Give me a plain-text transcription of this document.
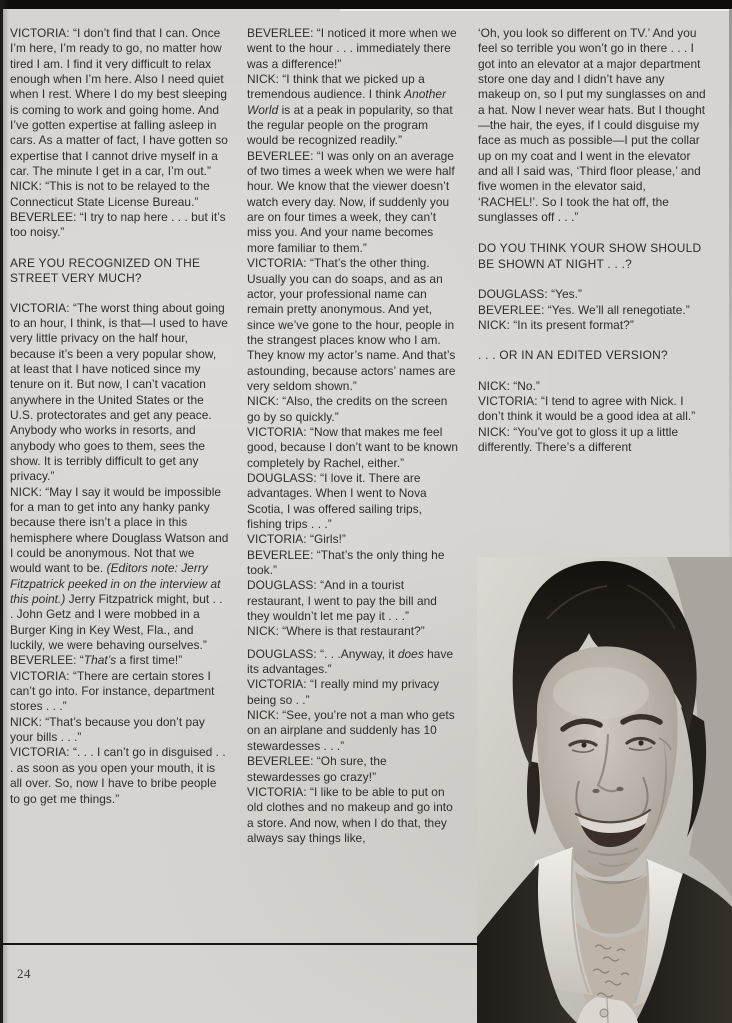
VICTORIA: “I don’t find that I can. Once I’m here, I’m ready to go, no matter how tired I am. I find it very difficult to relax enough when I’m here. Also I need quiet when I rest. Where I do my best sleeping is coming to work and going home. And I’ve gotten expertise at falling asleep in cars. As a matter of fact, I have gotten so expertise that I cannot drive myself in a car. The minute I get in a car, I’m out.”

NICK: “This is not to be relayed to the Connecticut State License Bureau.”

BEVERLEE: “I try to nap here . . . but it’s too noisy.”

ARE YOU RECOGNIZED ON THE STREET VERY MUCH?

VICTORIA: “The worst thing about going to an hour, I think, is that—I used to have very little privacy on the half hour, because it’s been a very popular show, at least that I have noticed since my tenure on it. But now, I can’t vacation anywhere in the United States or the U.S. protectorates and get any peace. Anybody who works in resorts, and anybody who goes to them, sees the show. It is terribly difficult to get any privacy.”

NICK: “May I say it would be impossible for a man to get into any hanky panky because there isn’t a place in this hemisphere where Douglass Watson and I could be anonymous. Not that we would want to be. (Editors note: Jerry Fitzpatrick peeked in on the interview at this point.) Jerry Fitzpatrick might, but . . . John Getz and I were mobbed in a Burger King in Key West, Fla., and luckily, we were behaving ourselves.”

BEVERLEE: “That’s a first time!”

VICTORIA: “There are certain stores I can’t go into. For instance, department stores . . .”

NICK: “That’s because you don’t pay your bills . . .”

VICTORIA: “. . . I can’t go in disguised . . . as soon as you open your mouth, it is all over. So, now I have to bribe people to go get me things.”

BEVERLEE: “I noticed it more when we went to the hour . . . immediately there was a difference!”

NICK: “I think that we picked up a tremendous audience. I think Another World is at a peak in popularity, so that the regular people on the program would be recognized readily.”

BEVERLEE: “I was only on an average of two times a week when we were half hour. We know that the viewer doesn’t watch every day. Now, if suddenly you are on four times a week, they can’t miss you. And your name becomes more familiar to them.”

VICTORIA: “That’s the other thing. Usually you can do soaps, and as an actor, your professional name can remain pretty anonymous. And yet, since we’ve gone to the hour, people in the strangest places know who I am. They know my actor’s name. And that’s astounding, because actors’ names are very seldom shown.”

NICK: “Also, the credits on the screen go by so quickly.”

VICTORIA: “Now that makes me feel good, because I don’t want to be known completely by Rachel, either.”

DOUGLASS: “I love it. There are advantages. When I went to Nova Scotia, I was offered sailing trips, fishing trips . . .”

VICTORIA: “Girls!”

BEVERLEE: “That’s the only thing he took.”

DOUGLASS: “And in a tourist restaurant, I went to pay the bill and they wouldn’t let me pay it . . .”

NICK: “Where is that restaurant?”

DOUGLASS: “. . .Anyway, it does have its advantages.”

VICTORIA: “I really mind my privacy being so . .”

NICK: “See, you’re not a man who gets on an airplane and suddenly has 10 stewardesses . . .”

BEVERLEE: “Oh sure, the stewardesses go crazy!”

VICTORIA: “I like to be able to put on old clothes and no makeup and go into a store. And now, when I do that, they always say things like,

‘Oh, you look so different on TV.’ And you feel so terrible you won’t go in there . . . I got into an elevator at a major department store one day and I didn’t have any makeup on, so I put my sunglasses on and a hat. Now I never wear hats. But I thought—the hair, the eyes, if I could disguise my face as much as possible—I put the collar up on my coat and I went in the elevator and all I said was, ‘Third floor please,’ and five women in the elevator said, ‘RACHEL!’. So I took the hat off, the sunglasses off . . .”

DO YOU THINK YOUR SHOW SHOULD BE SHOWN AT NIGHT . . .?

DOUGLASS: “Yes.”

BEVERLEE: “Yes. We’ll all renegotiate.”

NICK: “In its present format?”

. . . OR IN AN EDITED VERSION?

NICK: “No.”

VICTORIA: “I tend to agree with Nick. I don’t think it would be a good idea at all.”

NICK: “You’ve got to gloss it up a little differently. There’s a different

24
